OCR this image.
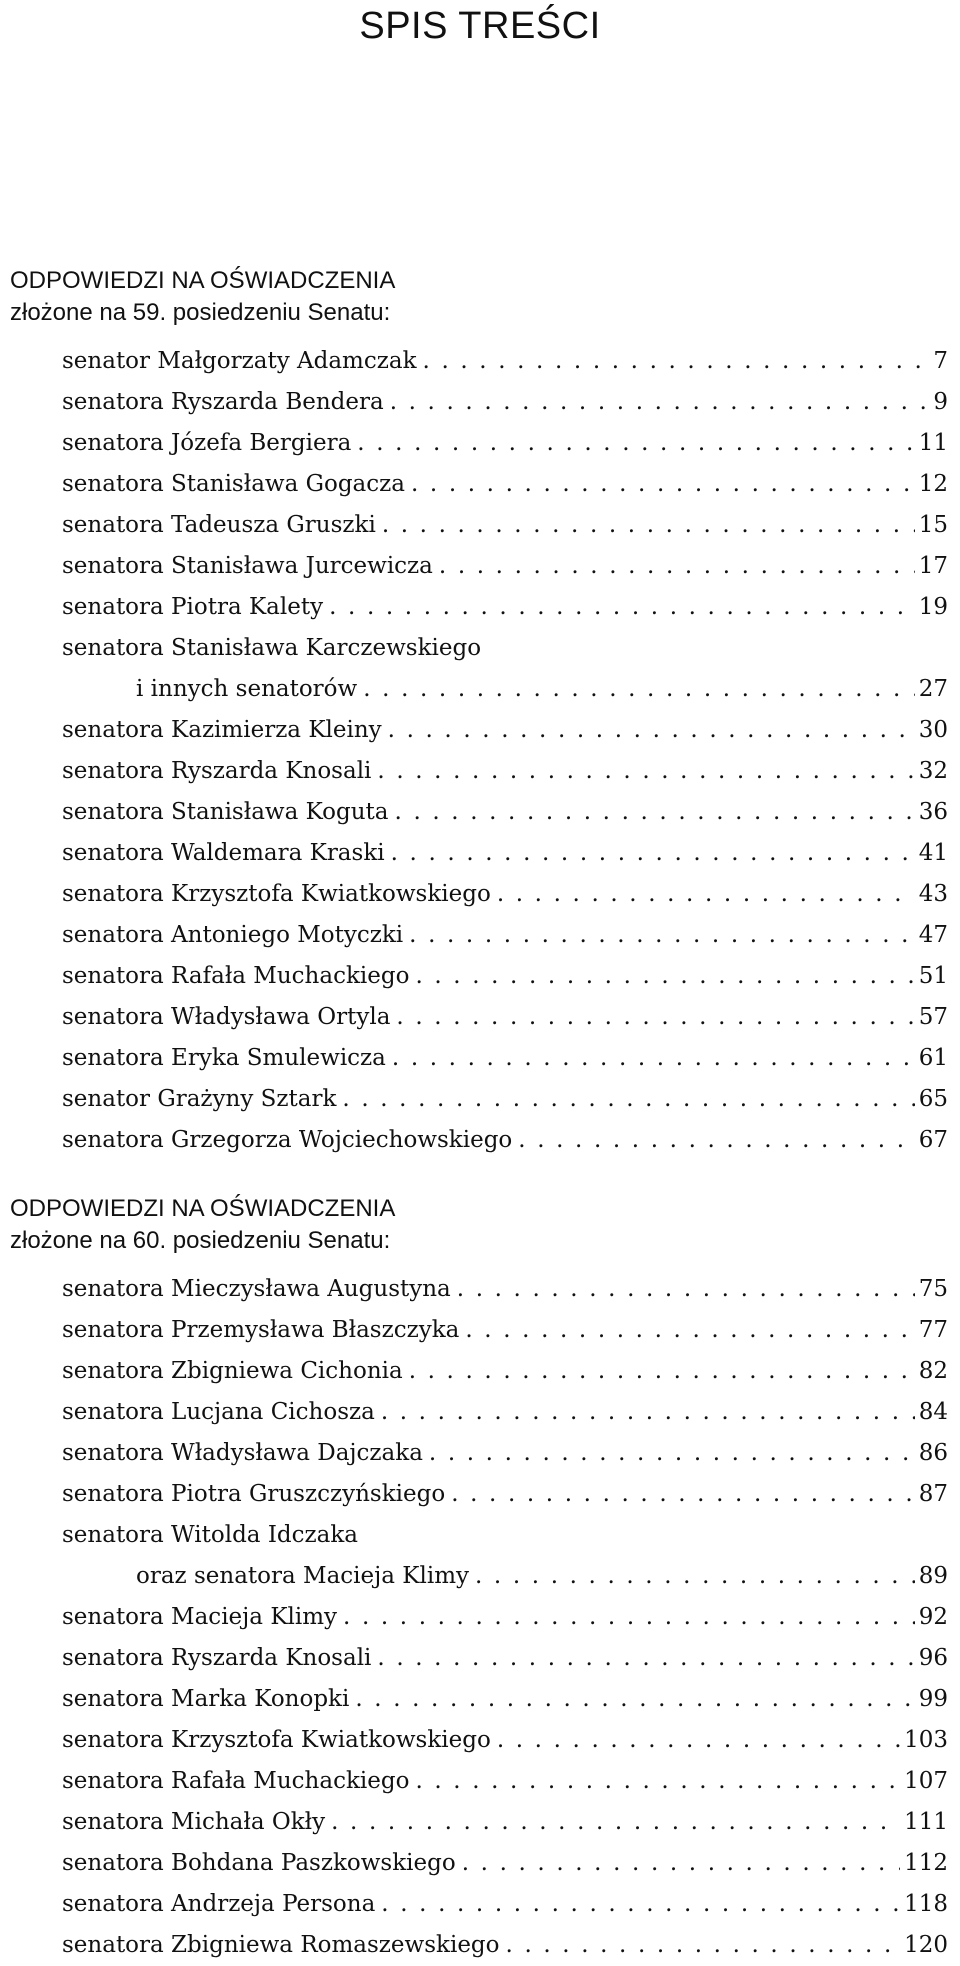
SPIS TREŚCI
ODPOWIEDZI NA OŚWIADCZENIA
złożone na 59. posiedzeniu Senatu:
senator Małgorzaty Adamczak . . .	7
senatora Ryszarda Bendera . . .	9
senatora Józefa Bergiera . . .	11
senatora Stanisława Gogacza . . .	12
senatora Tadeusza Gruszki . . .	15
senatora Stanisława Jurcewicza . . .	17
senatora Piotra Kalety . . .	19
senatora Stanisława Karczewskiego
i innych senatorów . . .	27
senatora Kazimierza Kleiny . . .	30
senatora Ryszarda Knosali . . .	32
senatora Stanisława Koguta . . .	36
senatora Waldemara Kraski . . .	41
senatora Krzysztofa Kwiatkowskiego . . .	43
senatora Antoniego Motyczki . . .	47
senatora Rafała Muchackiego . . .	51
senatora Władysława Ortyla . . .	57
senatora Eryka Smulewicza . . .	61
senator Grażyny Sztark . . .	65
senatora Grzegorza Wojciechowskiego . . .	67
ODPOWIEDZI NA OŚWIADCZENIA
złożone na 60. posiedzeniu Senatu:
senatora Mieczysława Augustyna . . .	75
senatora Przemysława Błaszczyka . . .	77
senatora Zbigniewa Cichonia . . .	82
senatora Lucjana Cichosza . . .	84
senatora Władysława Dajczaka . . .	86
senatora Piotra Gruszczyńskiego . . .	87
senatora Witolda Idczaka
oraz senatora Macieja Klimy . . .	89
senatora Macieja Klimy . . .	92
senatora Ryszarda Knosali . . .	96
senatora Marka Konopki . . .	99
senatora Krzysztofa Kwiatkowskiego . . .	103
senatora Rafała Muchackiego . . .	107
senatora Michała Okły . . .	111
senatora Bohdana Paszkowskiego . . .	112
senatora Andrzeja Persona . . .	118
senatora Zbigniewa Romaszewskiego . . .	120
